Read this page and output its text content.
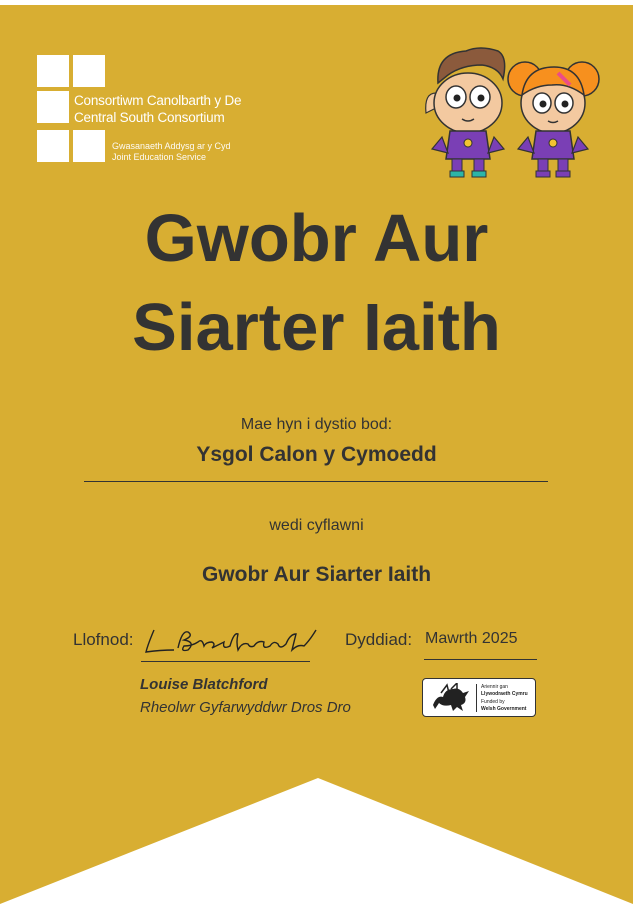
Consortiwm Canolbarth y De
Central South Consortium
Gwasanaeth Addysg ar y Cyd
Joint Education Service
Gwobr Aur
Siarter Iaith
Mae hyn i dystio bod:
Ysgol Calon y Cymoedd
wedi cyflawni
Gwobr Aur Siarter Iaith
Llofnod:	Dyddiad: Mawrth 2025
Louise Blatchford
Rheolwr Gyfarwyddwr Dros Dro
Ariennir gan
Llywodraeth Cymru
Funded by
Welsh Government
